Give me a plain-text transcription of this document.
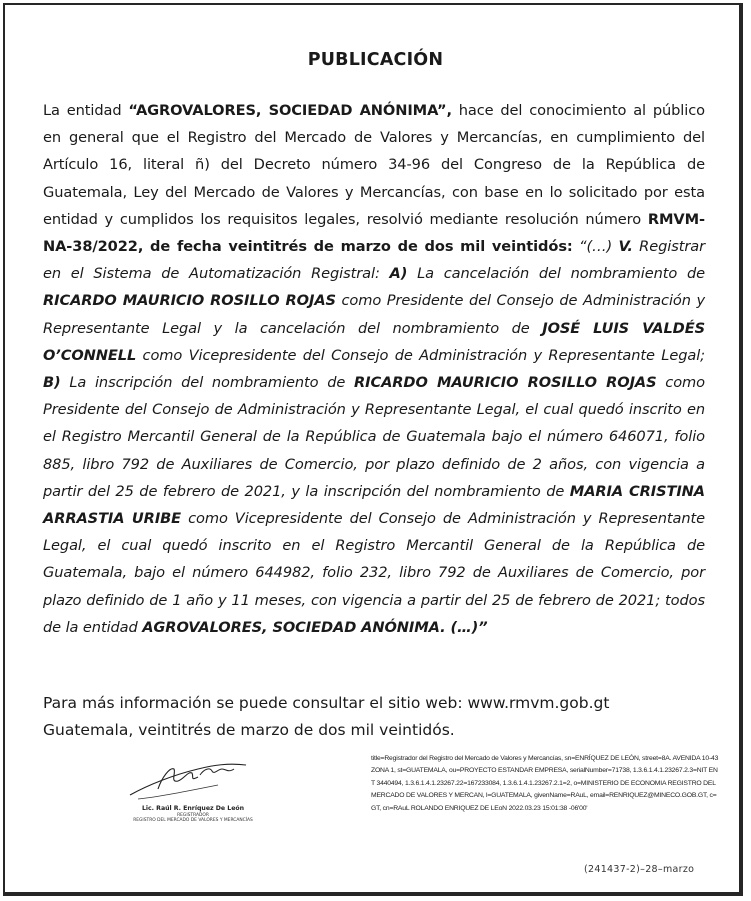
PUBLICACIÓN
La entidad “AGROVALORES, SOCIEDAD ANÓNIMA”, hace del conocimiento al público en general que el Registro del Mercado de Valores y Mercancías, en cumplimiento del Artículo 16, literal ñ) del Decreto número 34-96 del Congreso de la República de Guatemala, Ley del Mercado de Valores y Mercancías, con base en lo solicitado por esta entidad y cumplidos los requisitos legales, resolvió mediante resolución número RMVM-NA-38/2022, de fecha veintitrés de marzo de dos mil veintidós: “(…) V. Registrar en el Sistema de Automatización Registral: A) La cancelación del nombramiento de RICARDO MAURICIO ROSILLO ROJAS como Presidente del Consejo de Administración y Representante Legal y la cancelación del nombramiento de JOSÉ LUIS VALDÉS O’CONNELL como Vicepresidente del Consejo de Administración y Representante Legal; B) La inscripción del nombramiento de RICARDO MAURICIO ROSILLO ROJAS como Presidente del Consejo de Administración y Representante Legal, el cual quedó inscrito en el Registro Mercantil General de la República de Guatemala bajo el número 646071, folio 885, libro 792 de Auxiliares de Comercio, por plazo definido de 2 años, con vigencia a partir del 25 de febrero de 2021, y la inscripción del nombramiento de MARIA CRISTINA ARRASTIA URIBE como Vicepresidente del Consejo de Administración y Representante Legal, el cual quedó inscrito en el Registro Mercantil General de la República de Guatemala, bajo el número 644982, folio 232, libro 792 de Auxiliares de Comercio, por plazo definido de 1 año y 11 meses, con vigencia a partir del 25 de febrero de 2021; todos de la entidad AGROVALORES, SOCIEDAD ANÓNIMA. (…)”
Para más información se puede consultar el sitio web: www.rmvm.gob.gt
Guatemala, veintitrés de marzo de dos mil veintidós.
Lic. Raúl R. Enríquez De León
REGISTRADOR
REGISTRO DEL MERCADO DE VALORES Y MERCANCÍAS
title=Registrador del Registro del Mercado de Valores y Mercancías, sn=ENRÍQUEZ DE LEÓN, street=8A. AVENIDA 10-43 ZONA 1, st=GUATEMALA, ou=PROYECTO ESTANDAR EMPRESA, serialNumber=71738, 1.3.6.1.4.1.23267.2.3=NIT ENT 3440494, 1.3.6.1.4.1.23267.22=167233084, 1.3.6.1.4.1.23267.2.1=2, o=MINISTERIO DE ECONOMIA REGISTRO DEL MERCADO DE VALORES Y MERCAN, l=GUATEMALA, givenName=RAuL, email=RENRIQUEZ@MINECO.GOB.GT, c=GT, cn=RAuL ROLANDO ENRIQUEZ DE LEoN 2022.03.23 15:01:38 -06'00'
(241437-2)–28–marzo
